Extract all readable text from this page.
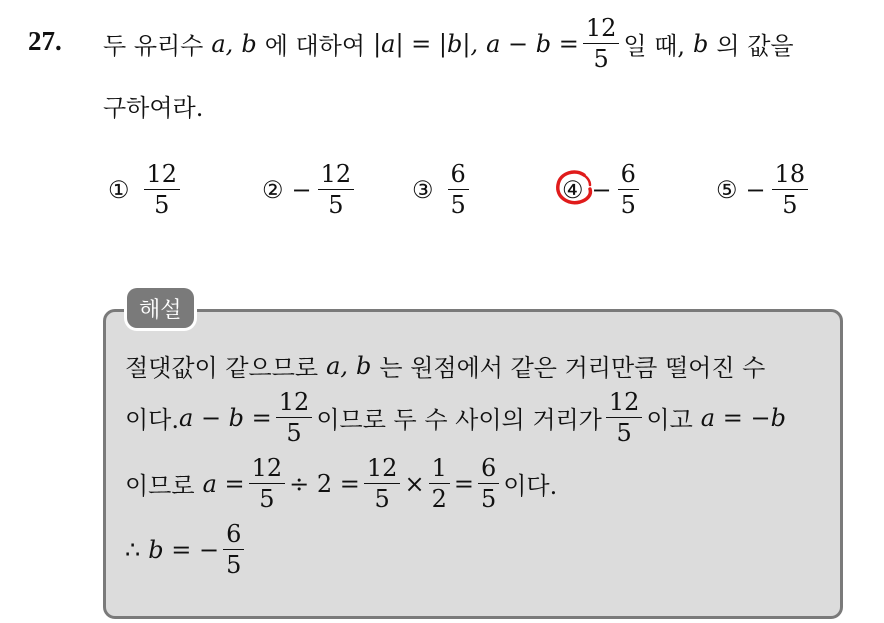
27. 두 유리수 a, b 에 대하여 |a| = |b|, $a - b = \frac{12}{5}$ 일 때, b 의 값을
구하여라.
① $\frac{12}{5}$	② − $\frac{12}{5}$ ③ $\frac{6}{5}$	④ − $\frac{6}{5}$	⑤ − $\frac{18}{5}$
해설
절댓값이 같으므로 a, b 는 원점에서 같은 거리만큼 떨어진 수
이다. $a - b = \frac{12}{5}$ 이므로 두 수 사이의 거리가 $\frac{12}{5}$ 이고 a = −b
이므로 $a = \frac{12}{5} \div 2 = \frac{12}{5} \times \frac{1}{2} = \frac{6}{5}$ 이다.
∴ b = − $\frac{6}{5}$
